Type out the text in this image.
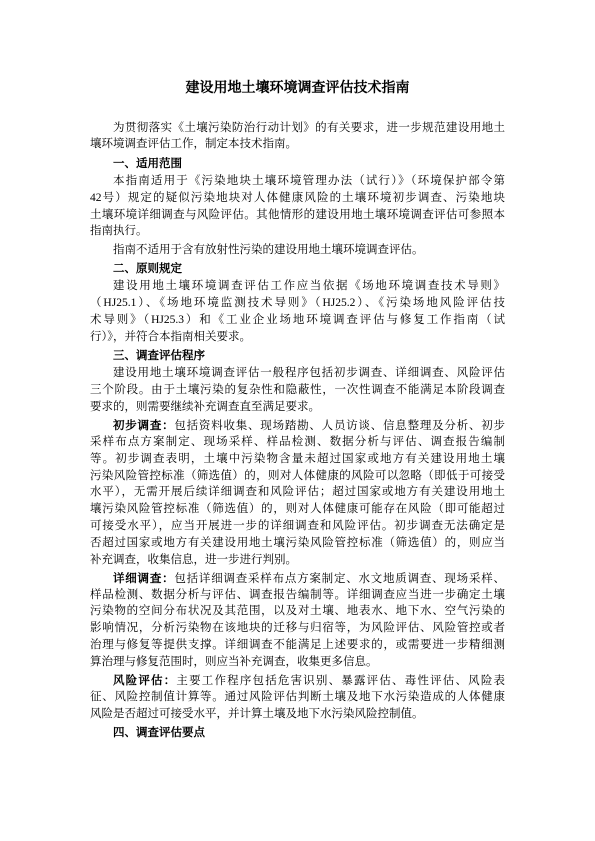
建设用地土壤环境调查评估技术指南
为贯彻落实《土壤污染防治行动计划》的有关要求，进一步规范建设用地土
壤环境调查评估工作，制定本技术指南。
一、适用范围
本指南适用于《污染地块土壤环境管理办法（试行）》（环境保护部令第
42号）规定的疑似污染地块对人体健康风险的土壤环境初步调查、污染地块
土壤环境详细调查与风险评估。其他情形的建设用地土壤环境调查评估可参照本
指南执行。
指南不适用于含有放射性污染的建设用地土壤环境调查评估。
二、原则规定
建设用地土壤环境调查评估工作应当依据《场地环境调查技术导则》
（HJ25.1）、《场地环境监测技术导则》（HJ25.2）、《污染场地风险评估技
术导则》（HJ25.3）和《工业企业场地环境调查评估与修复工作指南（试
行）》，并符合本指南相关要求。
三、调查评估程序
建设用地土壤环境调查评估一般程序包括初步调查、详细调查、风险评估
三个阶段。由于土壤污染的复杂性和隐蔽性，一次性调查不能满足本阶段调查
要求的，则需要继续补充调查直至满足要求。
初步调查：包括资料收集、现场踏勘、人员访谈、信息整理及分析、初步
采样布点方案制定、现场采样、样品检测、数据分析与评估、调查报告编制
等。初步调查表明，土壤中污染物含量未超过国家或地方有关建设用地土壤
污染风险管控标准（筛选值）的，则对人体健康的风险可以忽略（即低于可接受
水平），无需开展后续详细调查和风险评估；超过国家或地方有关建设用地土
壤污染风险管控标准（筛选值）的，则对人体健康可能存在风险（即可能超过
可接受水平），应当开展进一步的详细调查和风险评估。初步调查无法确定是
否超过国家或地方有关建设用地土壤污染风险管控标准（筛选值）的，则应当
补充调查，收集信息，进一步进行判别。
详细调查：包括详细调查采样布点方案制定、水文地质调查、现场采样、
样品检测、数据分析与评估、调查报告编制等。详细调查应当进一步确定土壤
污染物的空间分布状况及其范围，以及对土壤、地表水、地下水、空气污染的
影响情况，分析污染物在该地块的迁移与归宿等，为风险评估、风险管控或者
治理与修复等提供支撑。详细调查不能满足上述要求的，或需要进一步精细测
算治理与修复范围时，则应当补充调查，收集更多信息。
风险评估：主要工作程序包括危害识别、暴露评估、毒性评估、风险表
征、风险控制值计算等。通过风险评估判断土壤及地下水污染造成的人体健康
风险是否超过可接受水平，并计算土壤及地下水污染风险控制值。
四、调查评估要点
